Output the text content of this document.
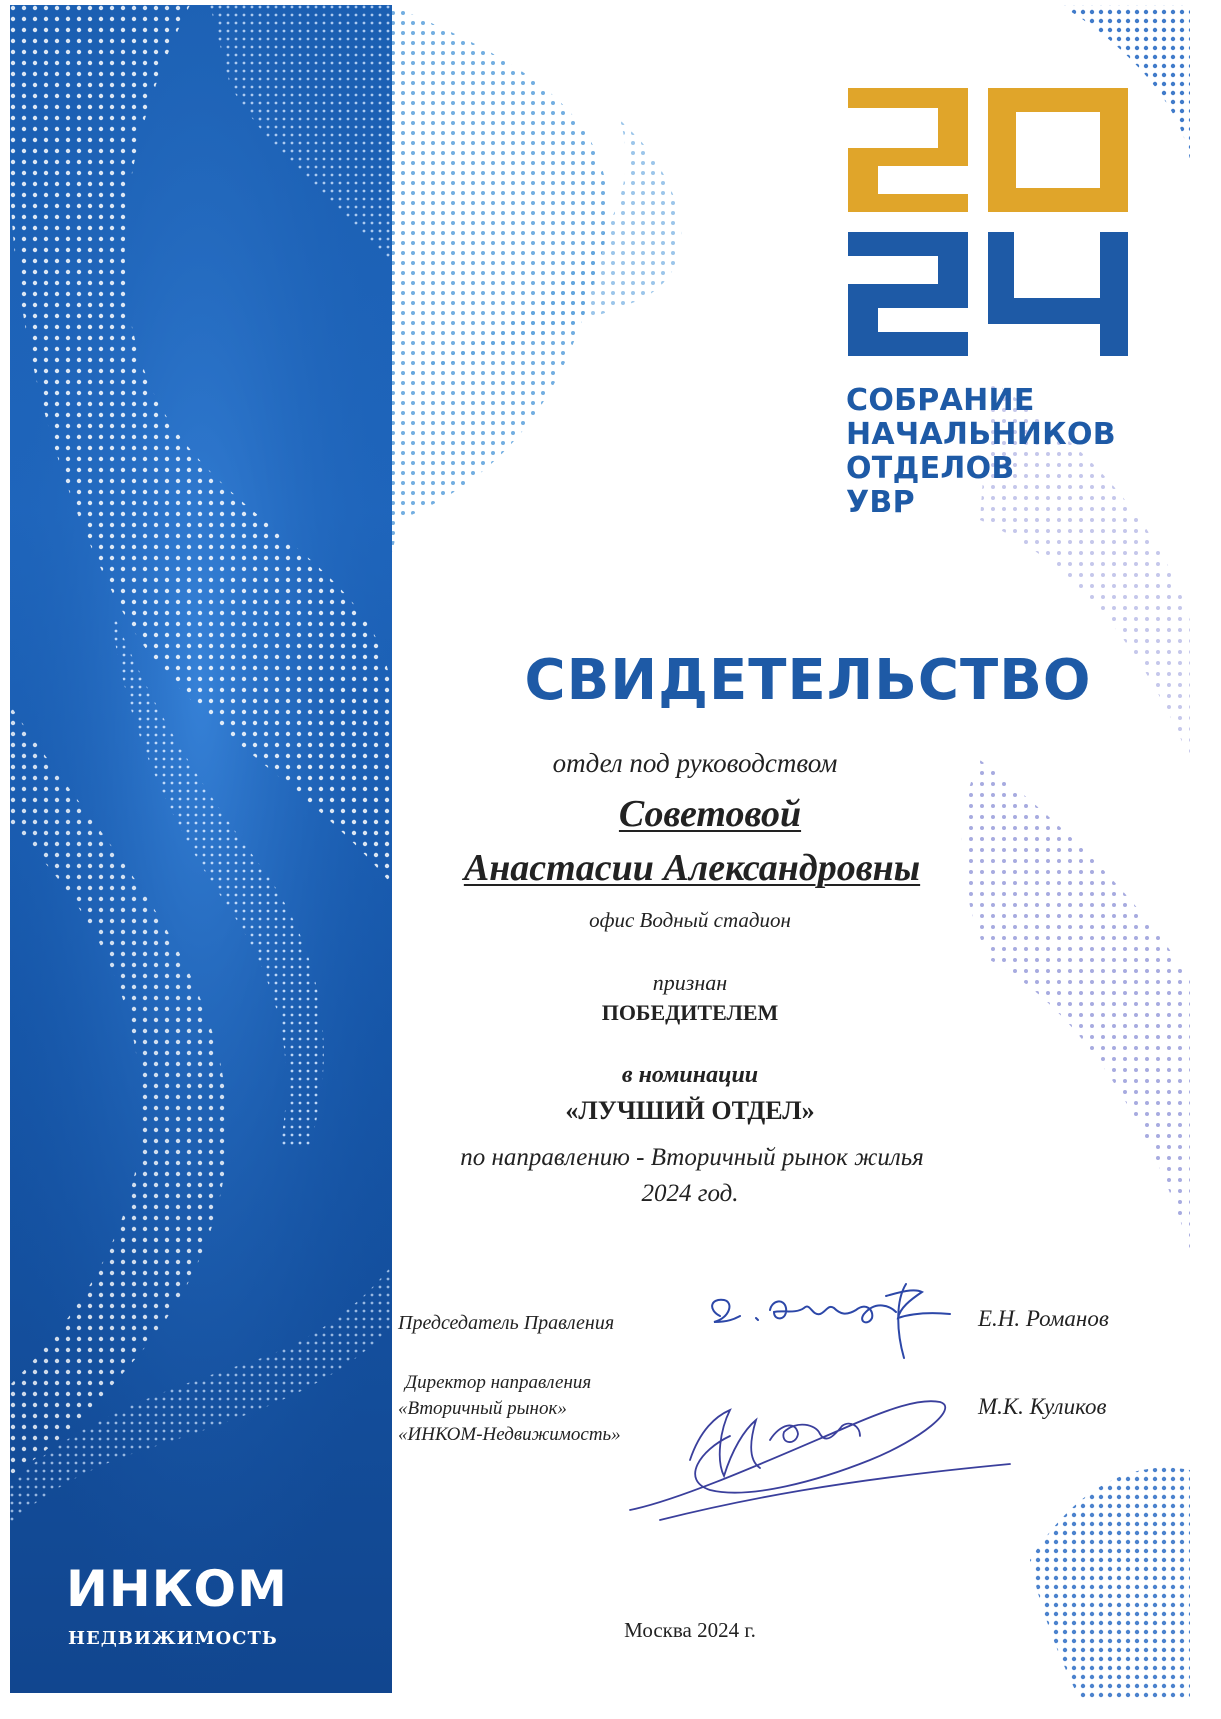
СОБРАНИЕ
НАЧАЛЬНИКОВ
ОТДЕЛОВ
УВР
СВИДЕТЕЛЬСТВО
отдел под руководством
Советовой
Анастасии Александровны
офис Водный стадион
признан
ПОБЕДИТЕЛЕМ
в номинации
«ЛУЧШИЙ ОТДЕЛ»
по направлению - Вторичный рынок жилья
2024 год.
Председатель Правления	Е.Н. Романов
Директор направления
«Вторичный рынок»
«ИНКОМ-Недвижимость»
М.К. Куликов
ИНКОМ
НЕДВИЖИМОСТЬ	Москва 2024 г.
